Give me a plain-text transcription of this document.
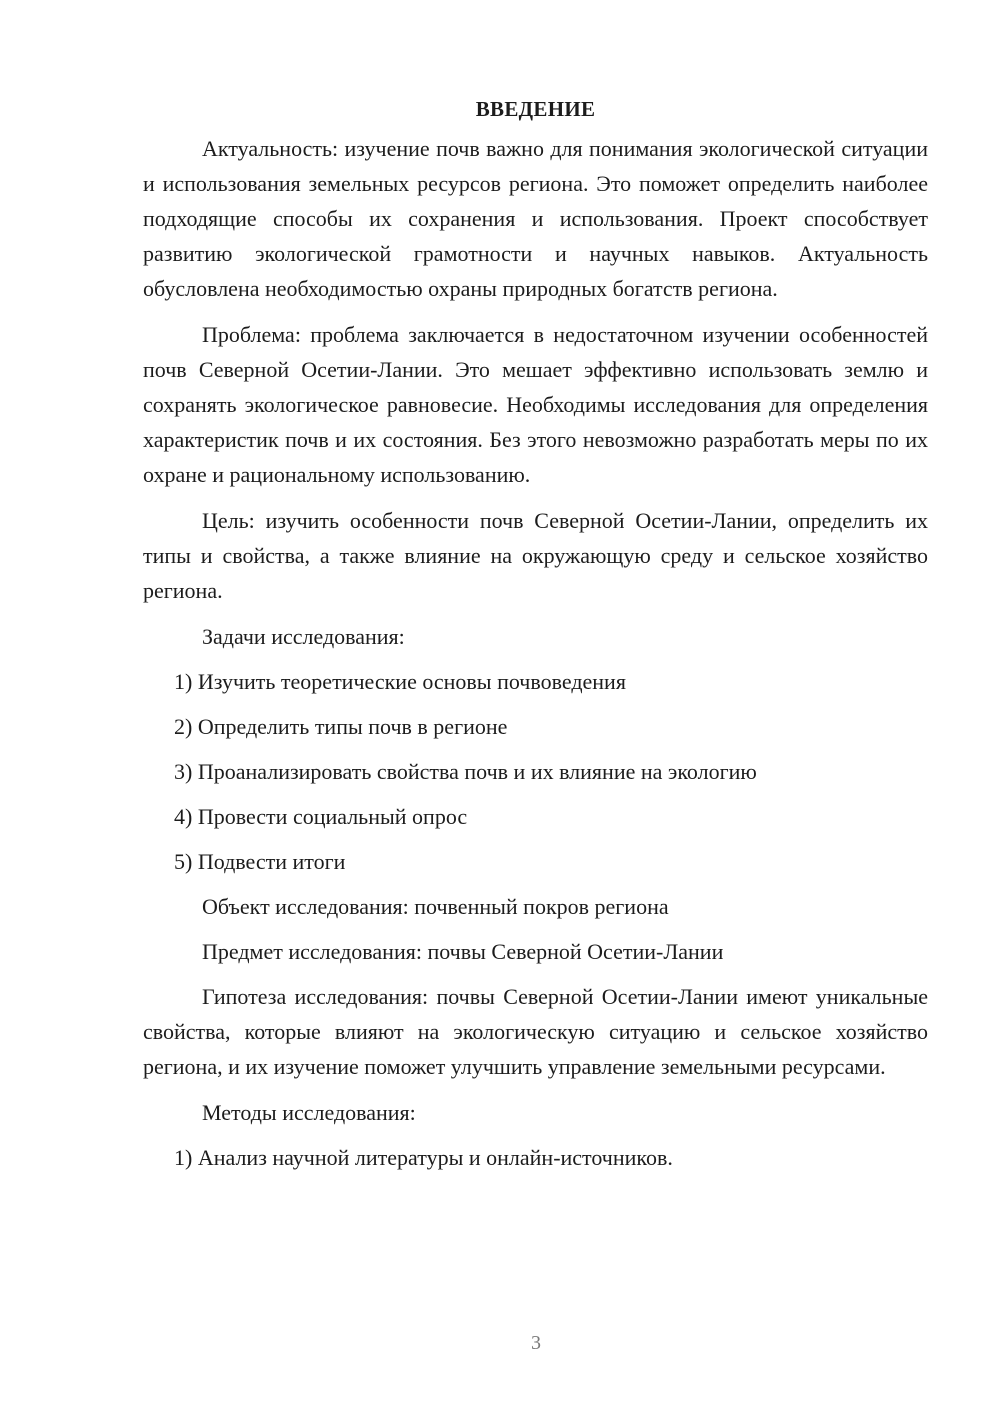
ВВЕДЕНИЕ

Актуальность: изучение почв важно для понимания экологической ситуации и использования земельных ресурсов региона. Это поможет определить наиболее подходящие способы их сохранения и использования. Проект способствует развитию экологической грамотности и научных навыков. Актуальность обусловлена необходимостью охраны природных богатств региона.

Проблема: проблема заключается в недостаточном изучении особенностей почв Северной Осетии-Лании. Это мешает эффективно использовать землю и сохранять экологическое равновесие. Необходимы исследования для определения характеристик почв и их состояния. Без этого невозможно разработать меры по их охране и рациональному использованию.

Цель: изучить особенности почв Северной Осетии-Лании, определить их типы и свойства, а также влияние на окружающую среду и сельское хозяйство региона.

Задачи исследования:
1) Изучить теоретические основы почвоведения
2) Определить типы почв в регионе
3) Проанализировать свойства почв и их влияние на экологию
4) Провести социальный опрос
5) Подвести итоги
Объект исследования: почвенный покров региона
Предмет исследования: почвы Северной Осетии-Лании

Гипотеза исследования: почвы Северной Осетии-Лании имеют уникальные свойства, которые влияют на экологическую ситуацию и сельское хозяйство региона, и их изучение поможет улучшить управление земельными ресурсами.

Методы исследования:
1) Анализ научной литературы и онлайн-источников.
3
